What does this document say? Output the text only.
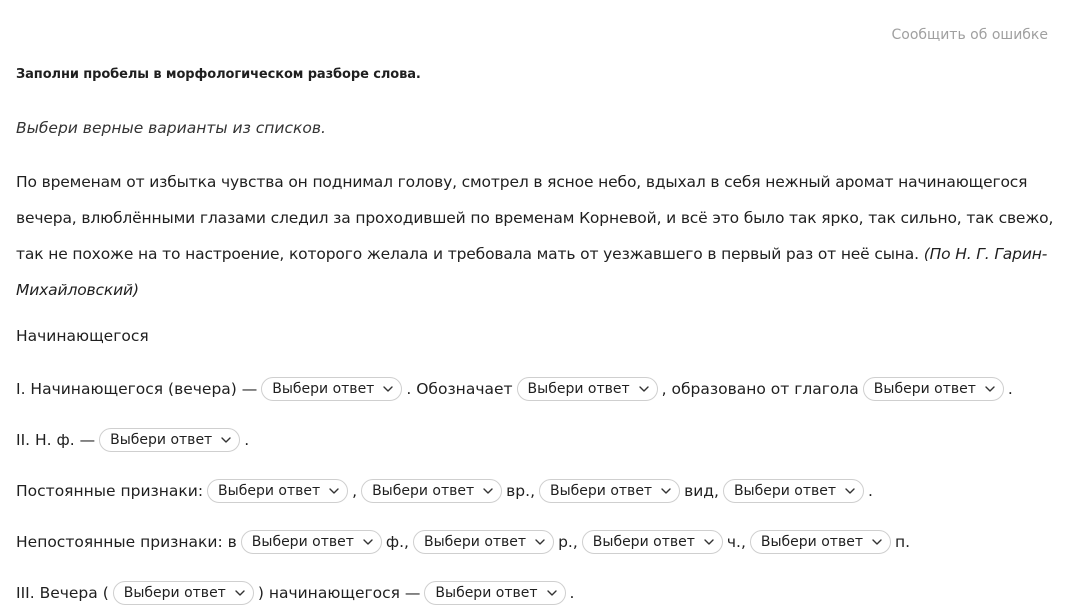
Сообщить об ошибке
Заполни пробелы в морфологическом разборе слова.
Выбери верные варианты из списков.
По временам от избытка чувства он поднимал голову, смотрел в ясное небо, вдыхал в себя нежный аромат начинающегося вечера, влюблёнными глазами следил за проходившей по временам Корневой, и всё это было так ярко, так сильно, так свежо, так не похоже на то настроение, которого желала и требовала мать от уезжавшего в первый раз от неё сына. (По Н. Г. Гарин-Михайловский)
Начинающегося
I. Начинающегося (вечера) — Выбери ответ . Обозначает Выбери ответ , образовано от глагола Выбери ответ .
II. Н. ф. — Выбери ответ .
Постоянные признаки: Выбери ответ , Выбери ответ вр., Выбери ответ вид, Выбери ответ .
Непостоянные признаки: в Выбери ответ ф., Выбери ответ р., Выбери ответ ч., Выбери ответ п.
III. Вечера ( Выбери ответ ) начинающегося — Выбери ответ .
